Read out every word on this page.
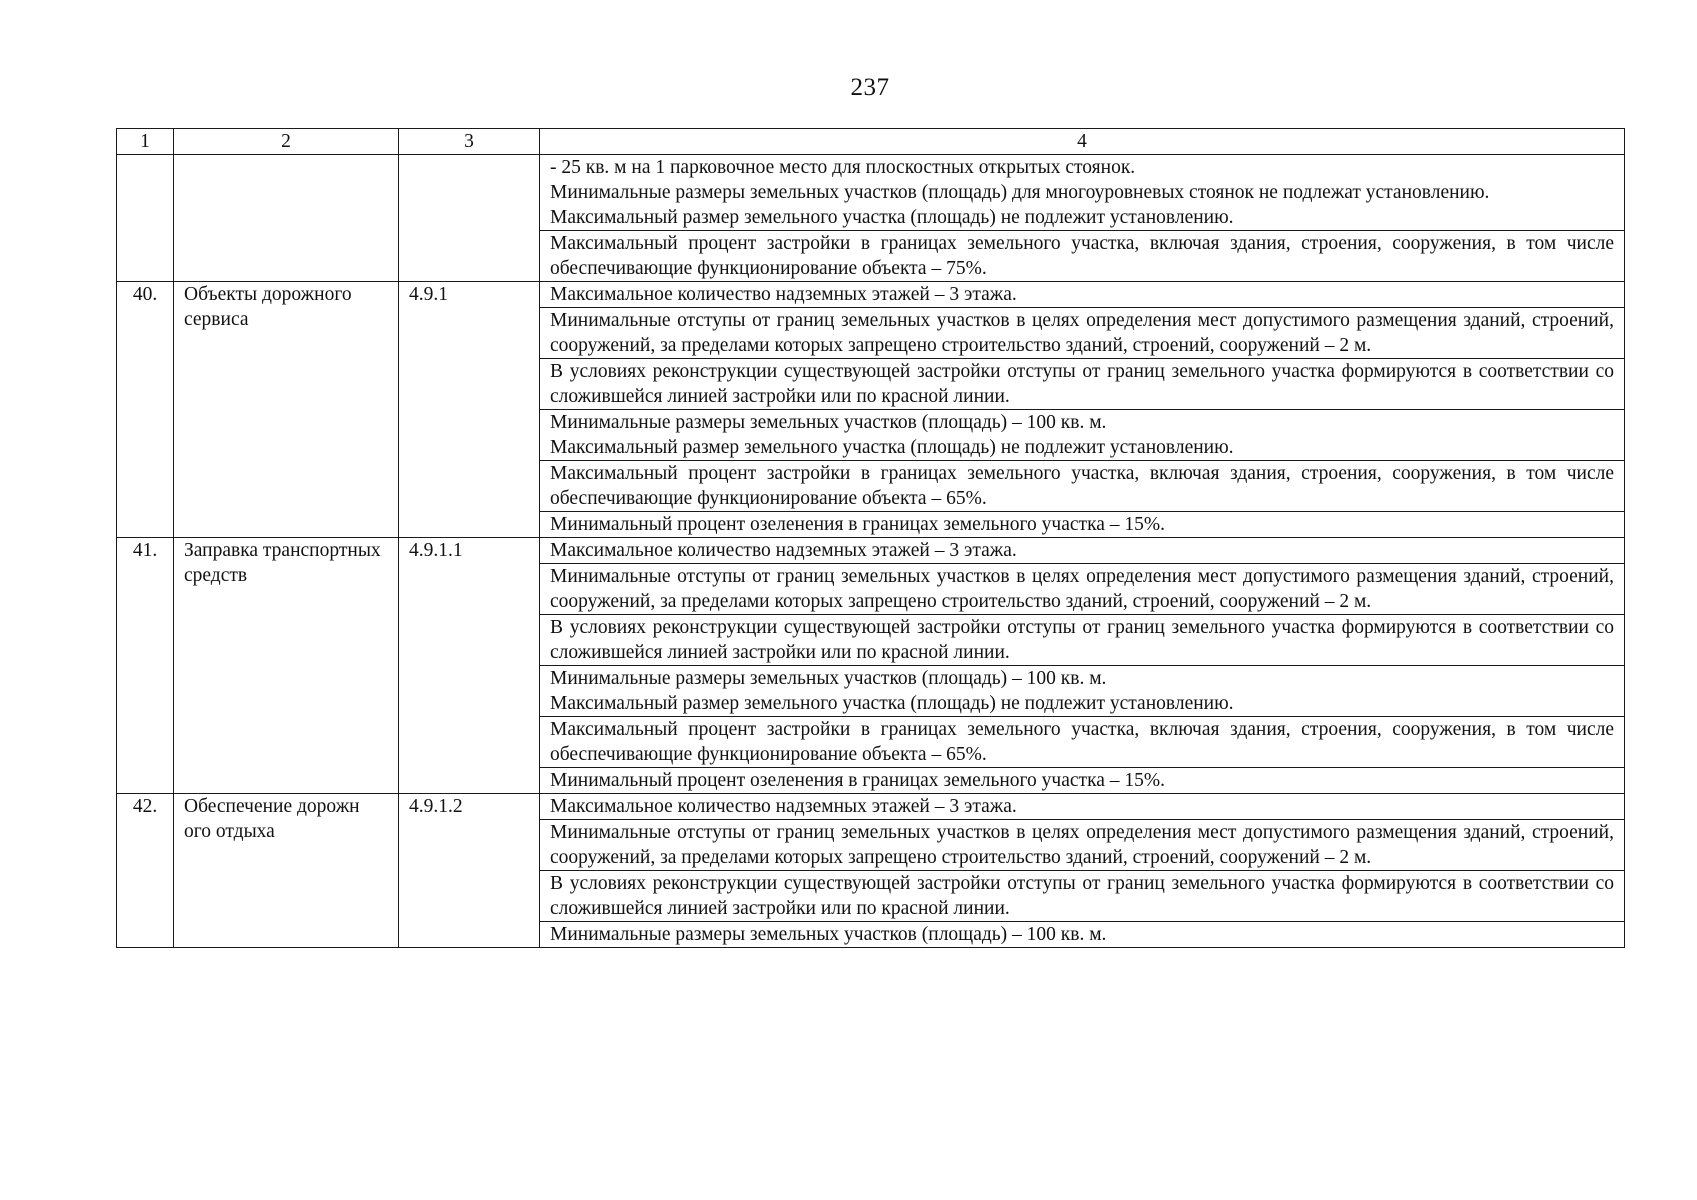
237
1	2	3	4

			- 25 кв. м на 1 парковочное место для плоскостных открытых стоянок.
Минимальные размеры земельных участков (площадь) для многоуровневых стоянок не подлежат установлению.
Максимальный размер земельного участка (площадь) не подлежит установлению.

			Максимальный процент застройки в границах земельного участка, включая здания, строения, сооружения, в том числе обеспечивающие функционирование объекта – 75%.

40.	Объекты дорожного сервиса	4.9.1	Максимальное количество надземных этажей – 3 этажа.

			Минимальные отступы от границ земельных участков в целях определения мест допустимого размещения зданий, строений, сооружений, за пределами которых запрещено строительство зданий, строений, сооружений – 2 м.

			В условиях реконструкции существующей застройки отступы от границ земельного участка формируются в соответствии со сложившейся линией застройки или по красной линии.

			Минимальные размеры земельных участков (площадь) – 100 кв. м.
Максимальный размер земельного участка (площадь) не подлежит установлению.

			Максимальный процент застройки в границах земельного участка, включая здания, строения, сооружения, в том числе обеспечивающие функционирование объекта – 65%.

			Минимальный процент озеленения в границах земельного участка – 15%.

41.	Заправка транспортных средств	4.9.1.1	Максимальное количество надземных этажей – 3 этажа.

			Минимальные отступы от границ земельных участков в целях определения мест допустимого размещения зданий, строений, сооружений, за пределами которых запрещено строительство зданий, строений, сооружений – 2 м.

			В условиях реконструкции существующей застройки отступы от границ земельного участка формируются в соответствии со сложившейся линией застройки или по красной линии.

			Минимальные размеры земельных участков (площадь) – 100 кв. м.
Максимальный размер земельного участка (площадь) не подлежит установлению.

			Максимальный процент застройки в границах земельного участка, включая здания, строения, сооружения, в том числе обеспечивающие функционирование объекта – 65%.

			Минимальный процент озеленения в границах земельного участка – 15%.

42.	Обеспечение дорожн ого отдыха	4.9.1.2	Максимальное количество надземных этажей – 3 этажа.

			Минимальные отступы от границ земельных участков в целях определения мест допустимого размещения зданий, строений, сооружений, за пределами которых запрещено строительство зданий, строений, сооружений – 2 м.

			В условиях реконструкции существующей застройки отступы от границ земельного участка формируются в соответствии со сложившейся линией застройки или по красной линии.

			Минимальные размеры земельных участков (площадь) – 100 кв. м.
